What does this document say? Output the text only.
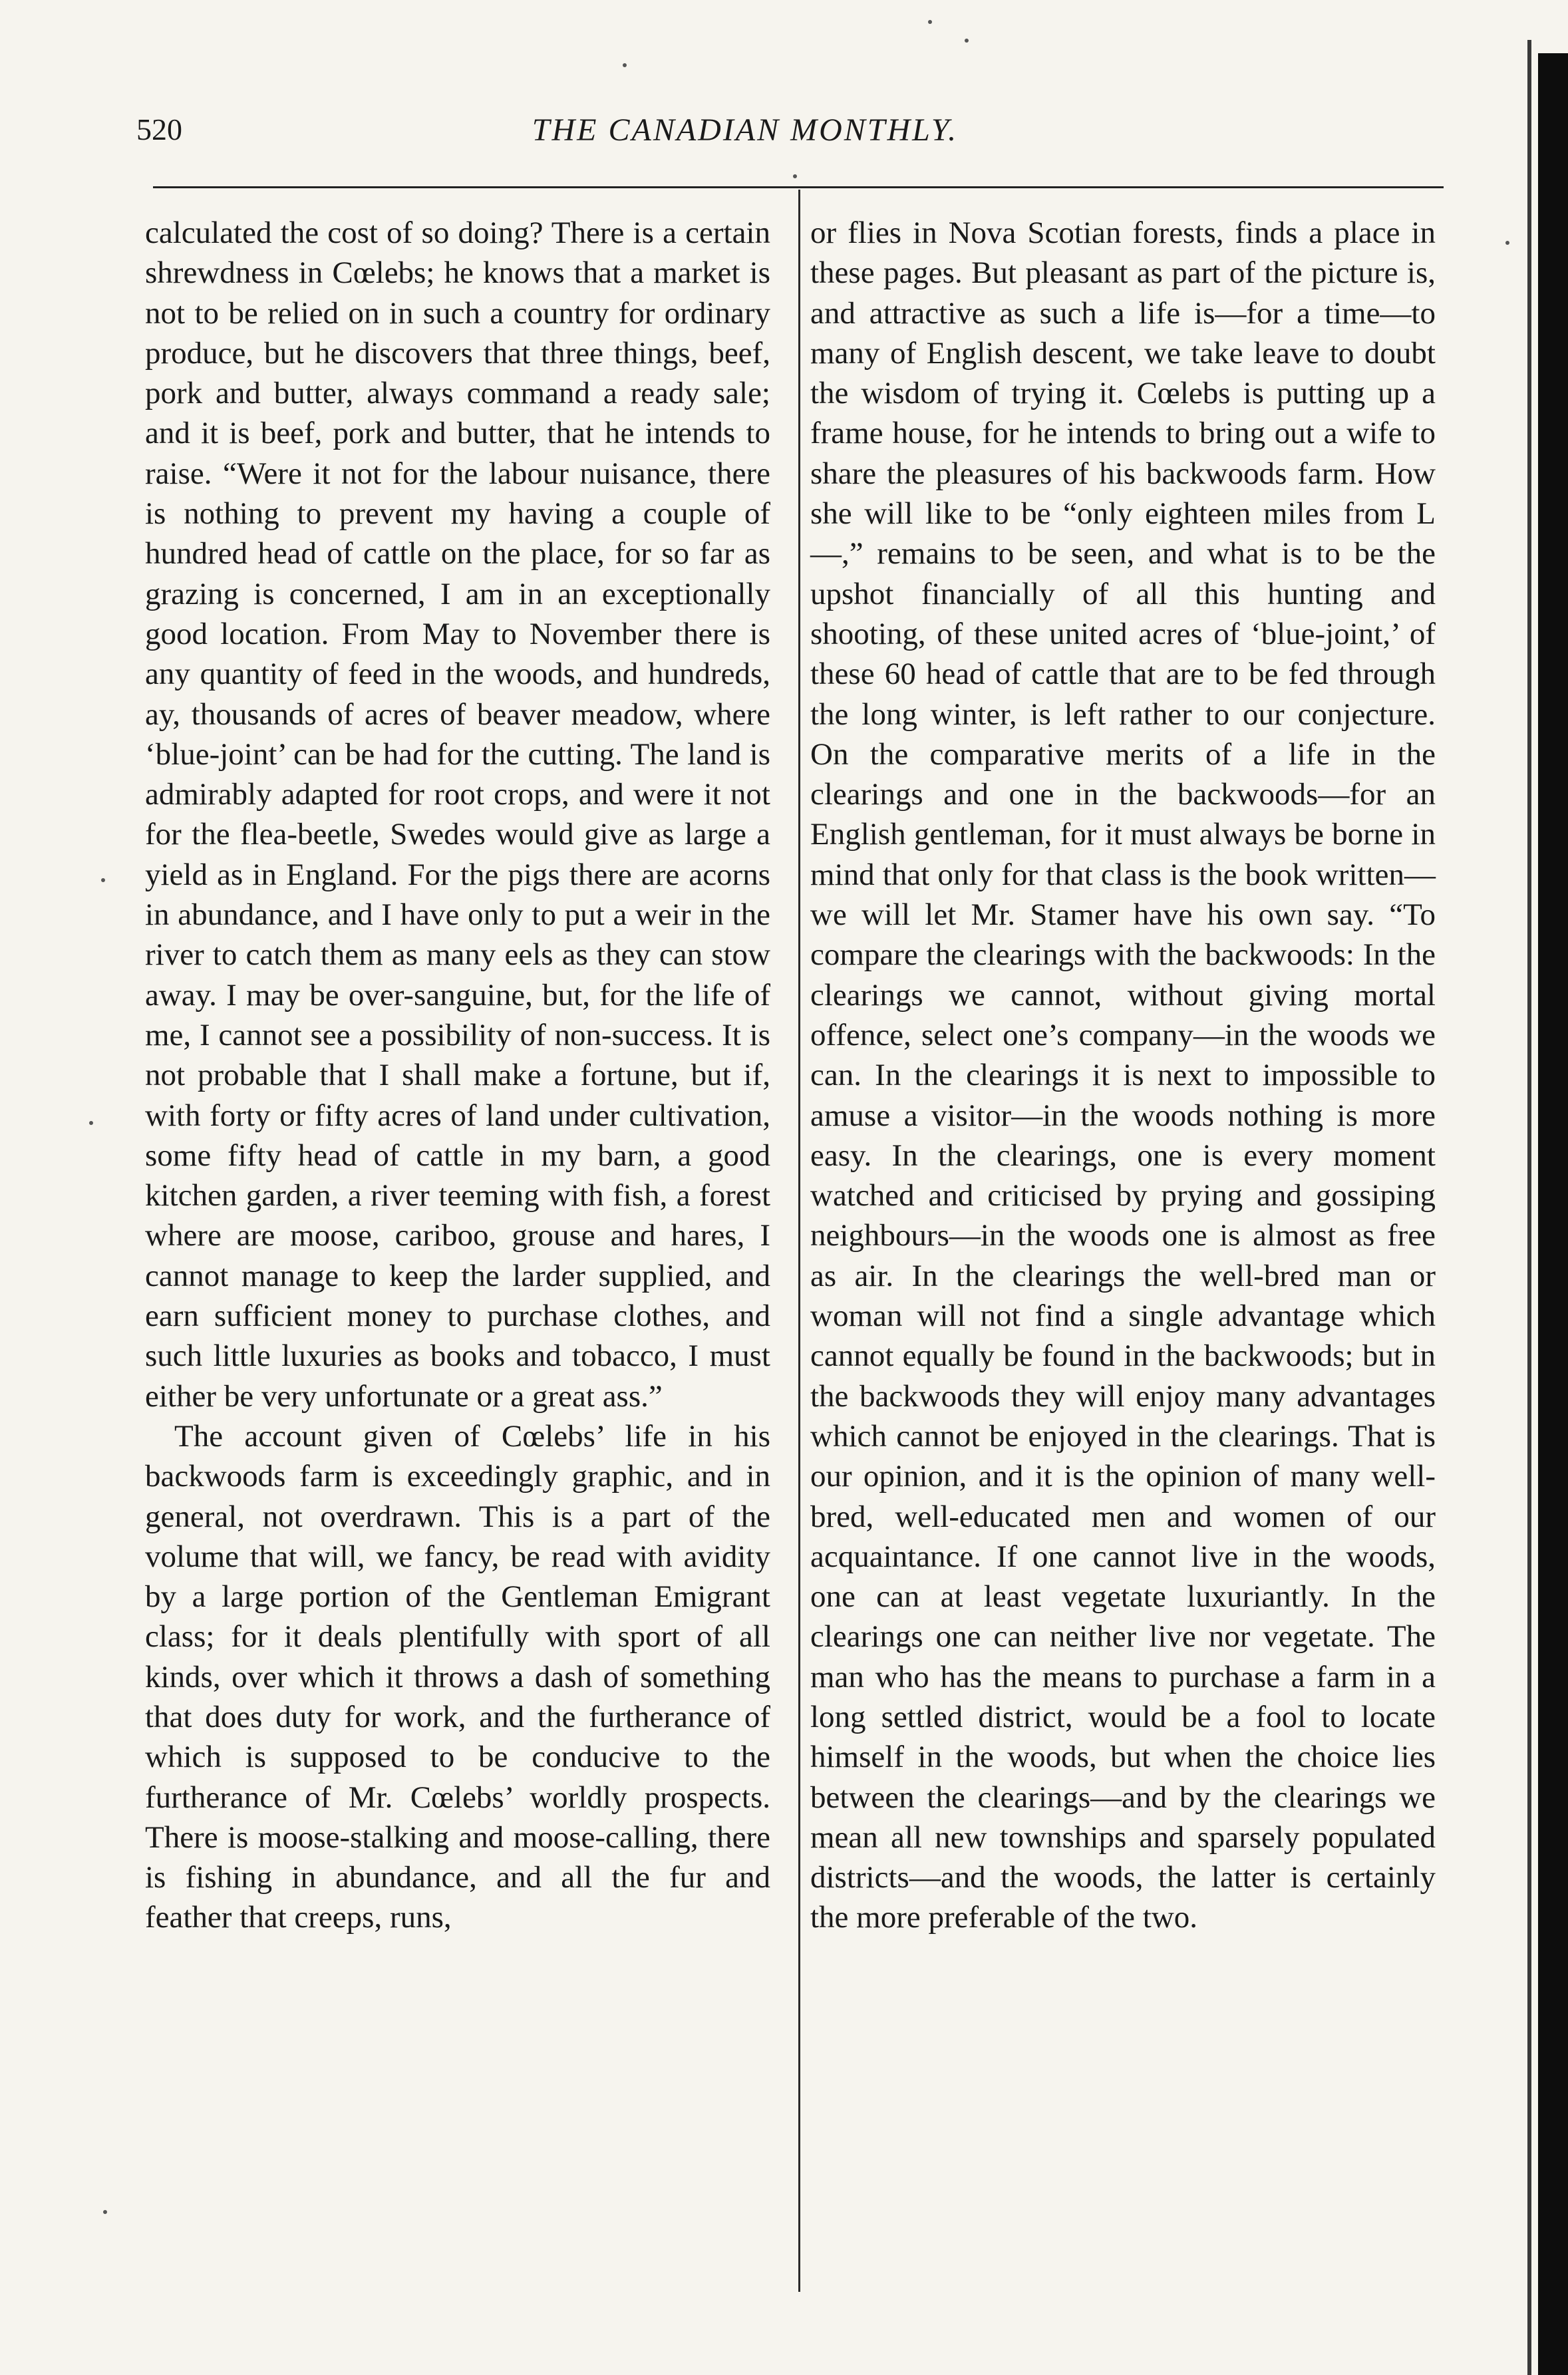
520	THE CANADIAN MONTHLY.

calculated the cost of so doing? There is a certain shrewdness in Cœlebs; he knows that a market is not to be relied on in such a country for ordinary produce, but he discovers that three things, beef, pork and butter, always command a ready sale; and it is beef, pork and butter, that he intends to raise. “Were it not for the labour nuisance, there is nothing to prevent my having a couple of hundred head of cattle on the place, for so far as grazing is concerned, I am in an exceptionally good location. From May to November there is any quantity of feed in the woods, and hundreds, ay, thousands of acres of beaver meadow, where ‘blue-joint’ can be had for the cutting. The land is admirably adapted for root crops, and were it not for the flea-beetle, Swedes would give as large a yield as in England. For the pigs there are acorns in abundance, and I have only to put a weir in the river to catch them as many eels as they can stow away. I may be over-sanguine, but, for the life of me, I cannot see a possibility of non-success. It is not probable that I shall make a fortune, but if, with forty or fifty acres of land under cultivation, some fifty head of cattle in my barn, a good kitchen garden, a river teeming with fish, a forest where are moose, cariboo, grouse and hares, I cannot manage to keep the larder supplied, and earn sufficient money to purchase clothes, and such little luxuries as books and tobacco, I must either be very unfortunate or a great ass.”

The account given of Cœlebs’ life in his backwoods farm is exceedingly graphic, and in general, not overdrawn. This is a part of the volume that will, we fancy, be read with avidity by a large portion of the Gentleman Emigrant class; for it deals plentifully with sport of all kinds, over which it throws a dash of something that does duty for work, and the furtherance of which is supposed to be conducive to the furtherance of Mr. Cœlebs’ worldly prospects. There is moose-stalking and moose-calling, there is fishing in abundance, and all the fur and feather that creeps, runs,

or flies in Nova Scotian forests, finds a place in these pages. But pleasant as part of the picture is, and attractive as such a life is—for a time—to many of English descent, we take leave to doubt the wisdom of trying it. Cœlebs is putting up a frame house, for he intends to bring out a wife to share the pleasures of his backwoods farm. How she will like to be “only eighteen miles from L—,” remains to be seen, and what is to be the upshot financially of all this hunting and shooting, of these united acres of ‘blue-joint,’ of these 60 head of cattle that are to be fed through the long winter, is left rather to our conjecture. On the comparative merits of a life in the clearings and one in the backwoods—for an English gentleman, for it must always be borne in mind that only for that class is the book written—we will let Mr. Stamer have his own say. “To compare the clearings with the backwoods: In the clearings we cannot, without giving mortal offence, select one’s company—in the woods we can. In the clearings it is next to impossible to amuse a visitor—in the woods nothing is more easy. In the clearings, one is every moment watched and criticised by prying and gossiping neighbours—in the woods one is almost as free as air. In the clearings the well-bred man or woman will not find a single advantage which cannot equally be found in the backwoods; but in the backwoods they will enjoy many advantages which cannot be enjoyed in the clearings. That is our opinion, and it is the opinion of many well-bred, well-educated men and women of our acquaintance. If one cannot live in the woods, one can at least vegetate luxuriantly. In the clearings one can neither live nor vegetate. The man who has the means to purchase a farm in a long settled district, would be a fool to locate himself in the woods, but when the choice lies between the clearings—and by the clearings we mean all new townships and sparsely populated districts—and the woods, the latter is certainly the more preferable of the two.
